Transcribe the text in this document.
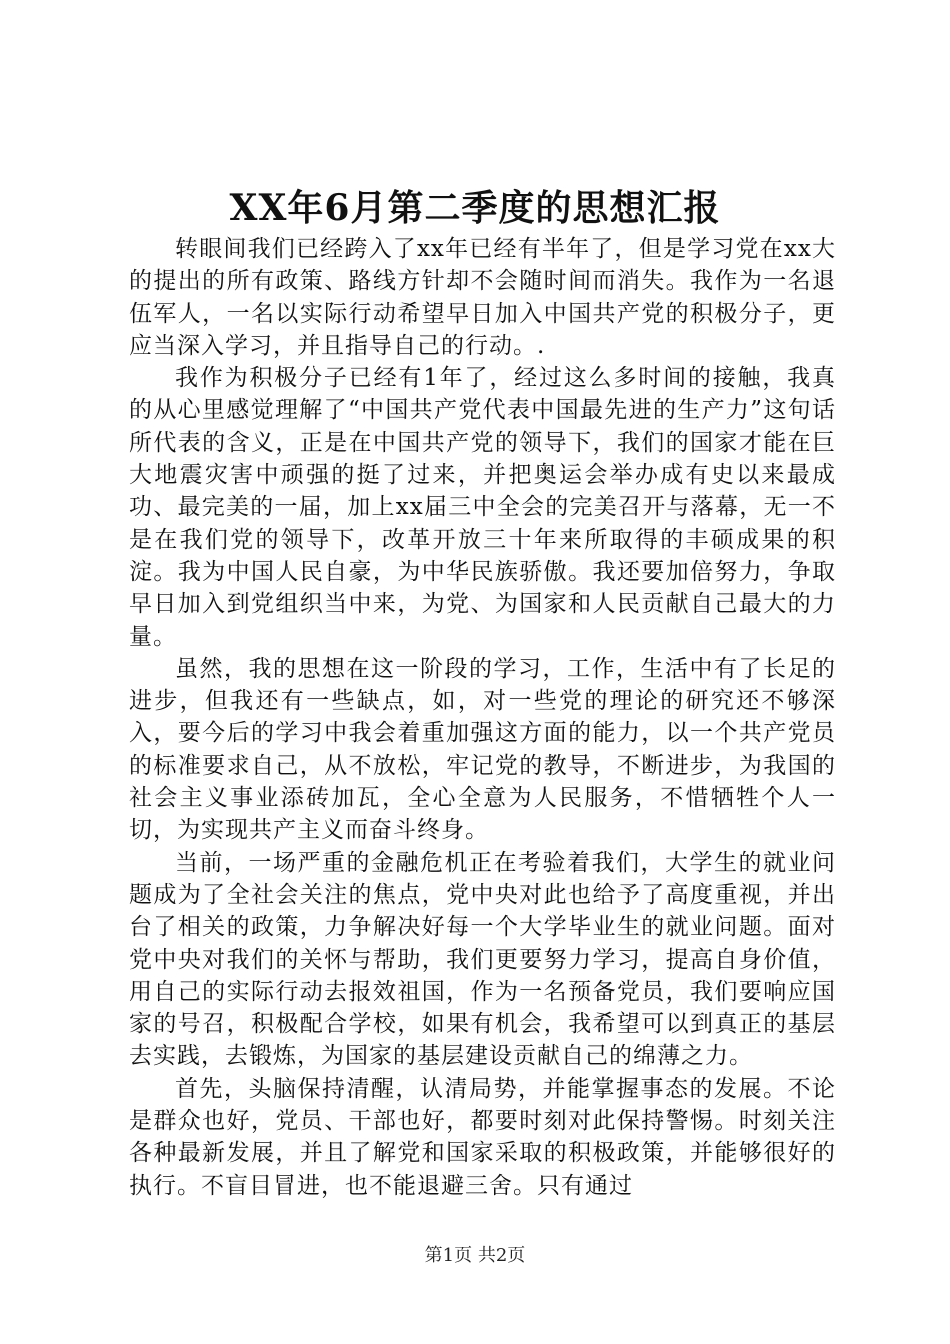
XX年6月第二季度的思想汇报

转眼间我们已经跨入了xx年已经有半年了，但是学习党在xx大的提出的所有政策、路线方针却不会随时间而消失。我作为一名退伍军人，一名以实际行动希望早日加入中国共产党的积极分子，更应当深入学习，并且指导自己的行动。.

我作为积极分子已经有1年了，经过这么多时间的接触，我真的从心里感觉理解了“中国共产党代表中国最先进的生产力”这句话所代表的含义，正是在中国共产党的领导下，我们的国家才能在巨大地震灾害中顽强的挺了过来，并把奥运会举办成有史以来最成功、最完美的一届，加上xx届三中全会的完美召开与落幕，无一不是在我们党的领导下，改革开放三十年来所取得的丰硕成果的积淀。我为中国人民自豪，为中华民族骄傲。我还要加倍努力，争取早日加入到党组织当中来，为党、为国家和人民贡献自己最大的力量。

虽然，我的思想在这一阶段的学习，工作，生活中有了长足的进步，但我还有一些缺点，如，对一些党的理论的研究还不够深入，要今后的学习中我会着重加强这方面的能力，以一个共产党员的标准要求自己，从不放松，牢记党的教导，不断进步，为我国的社会主义事业添砖加瓦，全心全意为人民服务，不惜牺牲个人一切，为实现共产主义而奋斗终身。

当前，一场严重的金融危机正在考验着我们，大学生的就业问题成为了全社会关注的焦点，党中央对此也给予了高度重视，并出台了相关的政策，力争解决好每一个大学毕业生的就业问题。面对党中央对我们的关怀与帮助，我们更要努力学习，提高自身价值，用自己的实际行动去报效祖国，作为一名预备党员，我们要响应国家的号召，积极配合学校，如果有机会，我希望可以到真正的基层去实践，去锻炼，为国家的基层建设贡献自己的绵薄之力。

首先，头脑保持清醒，认清局势，并能掌握事态的发展。不论是群众也好，党员、干部也好，都要时刻对此保持警惕。时刻关注各种最新发展，并且了解党和国家采取的积极政策，并能够很好的执行。不盲目冒进，也不能退避三舍。只有通过

第1页 共2页
